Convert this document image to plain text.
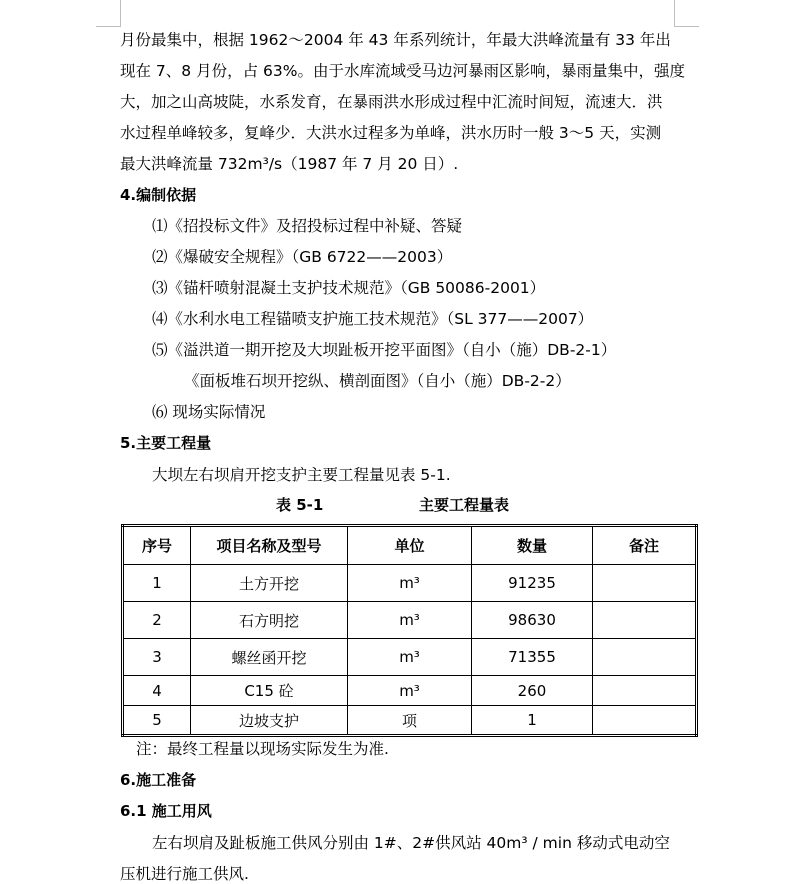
月份最集中，根据 1962～2004 年 43 年系列统计，年最大洪峰流量有 33 年出
现在 7、8 月份，占 63%。由于水库流域受马边河暴雨区影响，暴雨量集中，强度
大，加之山高坡陡，水系发育，在暴雨洪水形成过程中汇流时间短，流速大．洪
水过程单峰较多，复峰少．大洪水过程多为单峰，洪水历时一般 3～5 天，实测
最大洪峰流量 732m³/s（1987 年 7 月 20 日）.
4.编制依据
⑴《招投标文件》及招投标过程中补疑、答疑
⑵《爆破安全规程》（GB 6722——2003）
⑶《锚杆喷射混凝土支护技术规范》（GB 50086-2001）
⑷《水利水电工程锚喷支护施工技术规范》（SL 377——2007）
⑸《溢洪道一期开挖及大坝趾板开挖平面图》（自小（施）DB-2-1）
《面板堆石坝开挖纵、横剖面图》（自小（施）DB-2-2）
⑹ 现场实际情况
5.主要工程量
大坝左右坝肩开挖支护主要工程量见表 5-1.
表 5-1	主要工程量表
序号	项目名称及型号	单位	数量	备注
1	土方开挖	m³	91235	
2	石方明挖	m³	98630	
3	螺丝函开挖	m³	71355	
4	C15 砼	m³	260	
5	边坡支护	项	1	
注：最终工程量以现场实际发生为准.
6.施工准备
6.1 施工用风
左右坝肩及趾板施工供风分别由 1#、2#供风站 40m³ / min 移动式电动空
压机进行施工供风.
